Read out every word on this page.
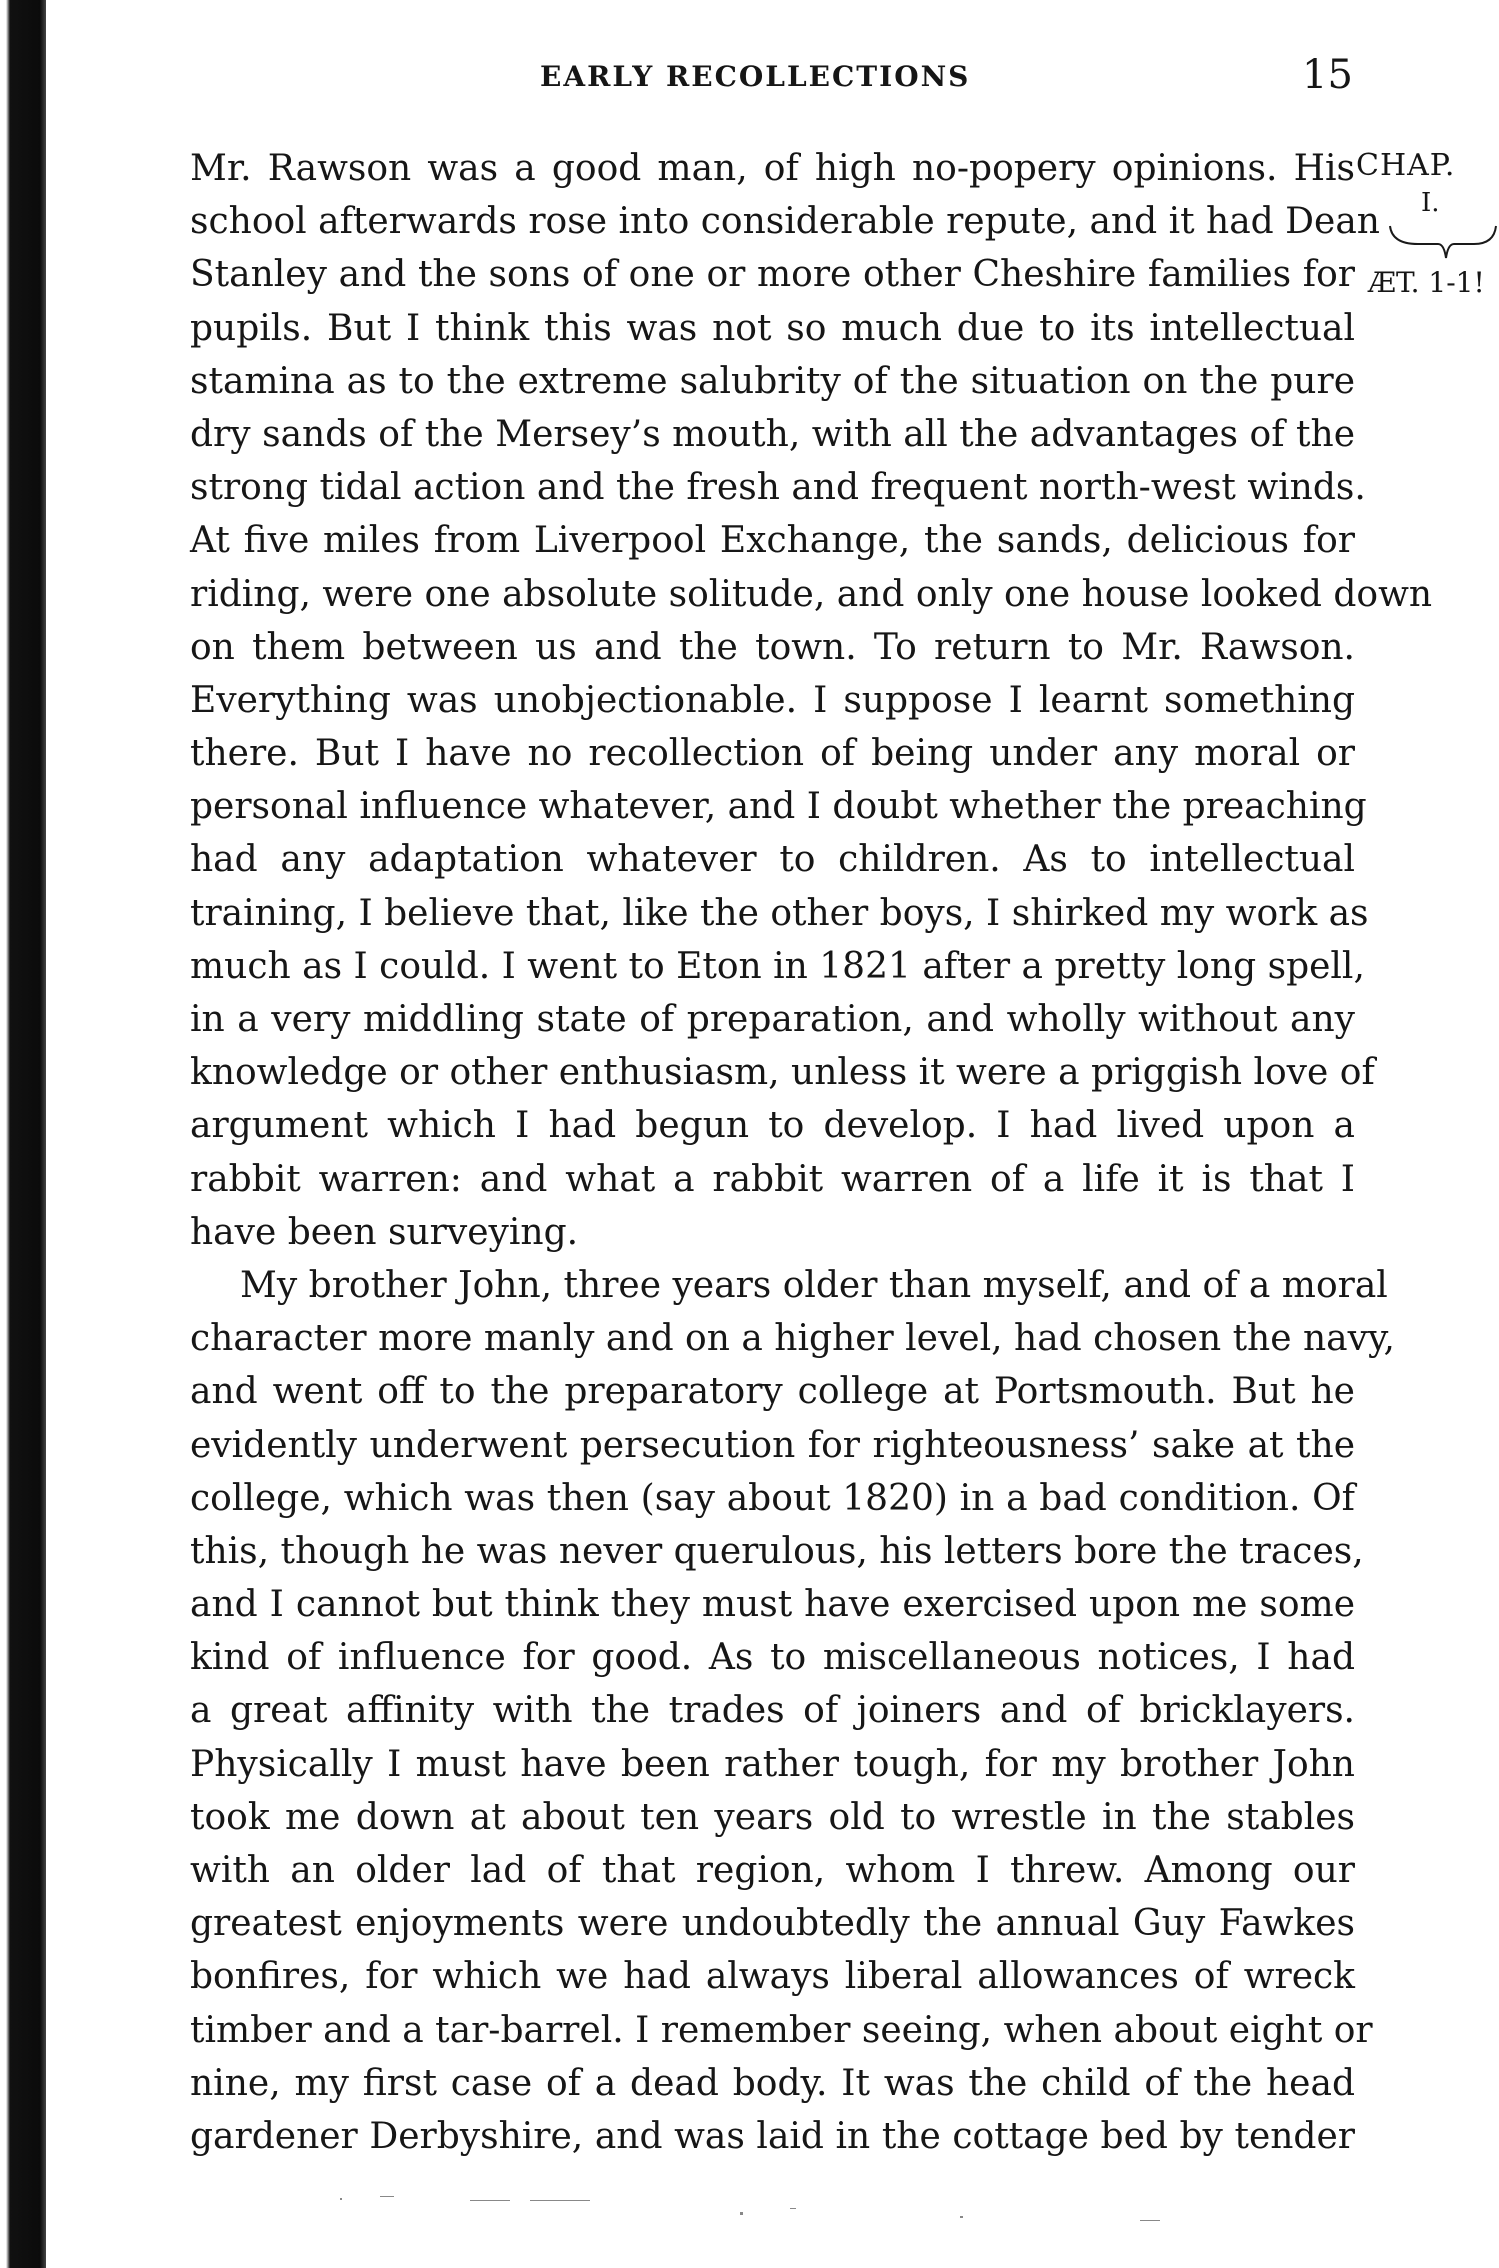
EARLY RECOLLECTIONS	15
CHAP.
I.
ÆT. 1-1!
Mr. Rawson was a good man, of high no-popery opinions. His
school afterwards rose into considerable repute, and it had Dean
Stanley and the sons of one or more other Cheshire families for
pupils. But I think this was not so much due to its intellectual
stamina as to the extreme salubrity of the situation on the pure
dry sands of the Mersey’s mouth, with all the advantages of the
strong tidal action and the fresh and frequent north-west winds.
At five miles from Liverpool Exchange, the sands, delicious for
riding, were one absolute solitude, and only one house looked down
on them between us and the town. To return to Mr. Rawson.
Everything was unobjectionable. I suppose I learnt something
there. But I have no recollection of being under any moral or
personal influence whatever, and I doubt whether the preaching
had any adaptation whatever to children. As to intellectual
training, I believe that, like the other boys, I shirked my work as
much as I could. I went to Eton in 1821 after a pretty long spell,
in a very middling state of preparation, and wholly without any
knowledge or other enthusiasm, unless it were a priggish love of
argument which I had begun to develop. I had lived upon a
rabbit warren: and what a rabbit warren of a life it is that I
have been surveying.
My brother John, three years older than myself, and of a moral
character more manly and on a higher level, had chosen the navy,
and went off to the preparatory college at Portsmouth. But he
evidently underwent persecution for righteousness’ sake at the
college, which was then (say about 1820) in a bad condition. Of
this, though he was never querulous, his letters bore the traces,
and I cannot but think they must have exercised upon me some
kind of influence for good. As to miscellaneous notices, I had
a great affinity with the trades of joiners and of bricklayers.
Physically I must have been rather tough, for my brother John
took me down at about ten years old to wrestle in the stables
with an older lad of that region, whom I threw. Among our
greatest enjoyments were undoubtedly the annual Guy Fawkes
bonfires, for which we had always liberal allowances of wreck
timber and a tar-barrel. I remember seeing, when about eight or
nine, my first case of a dead body. It was the child of the head
gardener Derbyshire, and was laid in the cottage bed by tender
